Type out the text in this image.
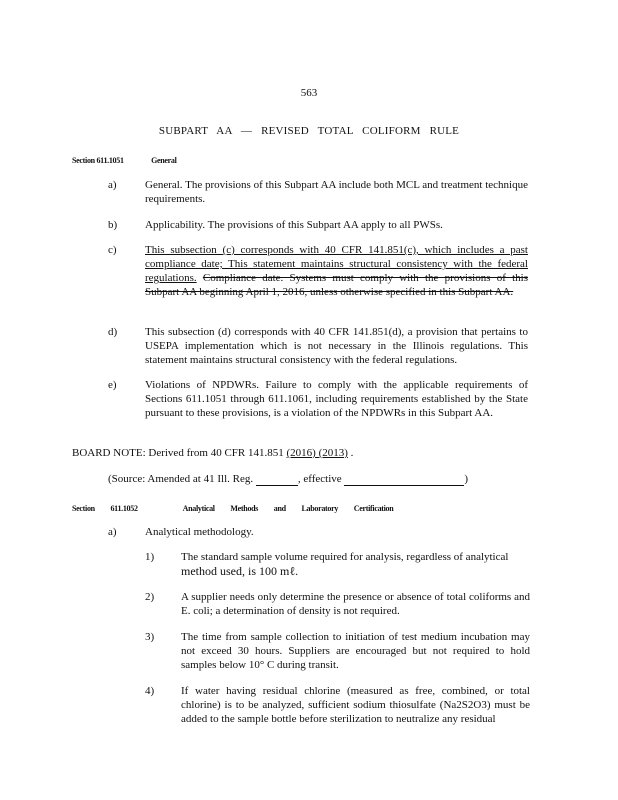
563
SUBPART AA — REVISED TOTAL COLIFORM RULE
Section 611.1051	General
a)	General. The provisions of this Subpart AA include both MCL and treatment technique requirements.

b)	Applicability. The provisions of this Subpart AA apply to all PWSs.

c)	This subsection (c) corresponds with 40 CFR 141.851(c), which includes a past compliance date; This statement maintains structural consistency with the federal regulations. Compliance date. Systems must comply with the provisions of this Subpart AA beginning April 1, 2016, unless otherwise specified in this Subpart AA.

d)	This subsection (d) corresponds with 40 CFR 141.851(d), a provision that pertains to USEPA implementation which is not necessary in the Illinois regulations. This statement maintains structural consistency with the federal regulations.

e)	Violations of NPDWRs. Failure to comply with the applicable requirements of Sections 611.1051 through 611.1061, including requirements established by the State pursuant to these provisions, is a violation of the NPDWRs in this Subpart AA.

BOARD NOTE: Derived from 40 CFR 141.851 (2016) (2013) .
(Source: Amended at 41 Ill. Reg.	, effective	)
Section 611.1052	Analytical Methods and Laboratory Certification
a)	Analytical methodology.

1) The standard sample volume required for analysis, regardless of analytical

method used, is 100 mℓ.

2) A supplier needs only determine the presence or absence of total coliforms and E. coli; a determination of density is not required.

3) The time from sample collection to initiation of test medium incubation may not exceed 30 hours. Suppliers are encouraged but not required to hold samples below 10° C during transit.

4) If water having residual chlorine (measured as free, combined, or total chlorine) is to be analyzed, sufficient sodium thiosulfate (Na2S2O3) must be added to the sample bottle before sterilization to neutralize any residual
